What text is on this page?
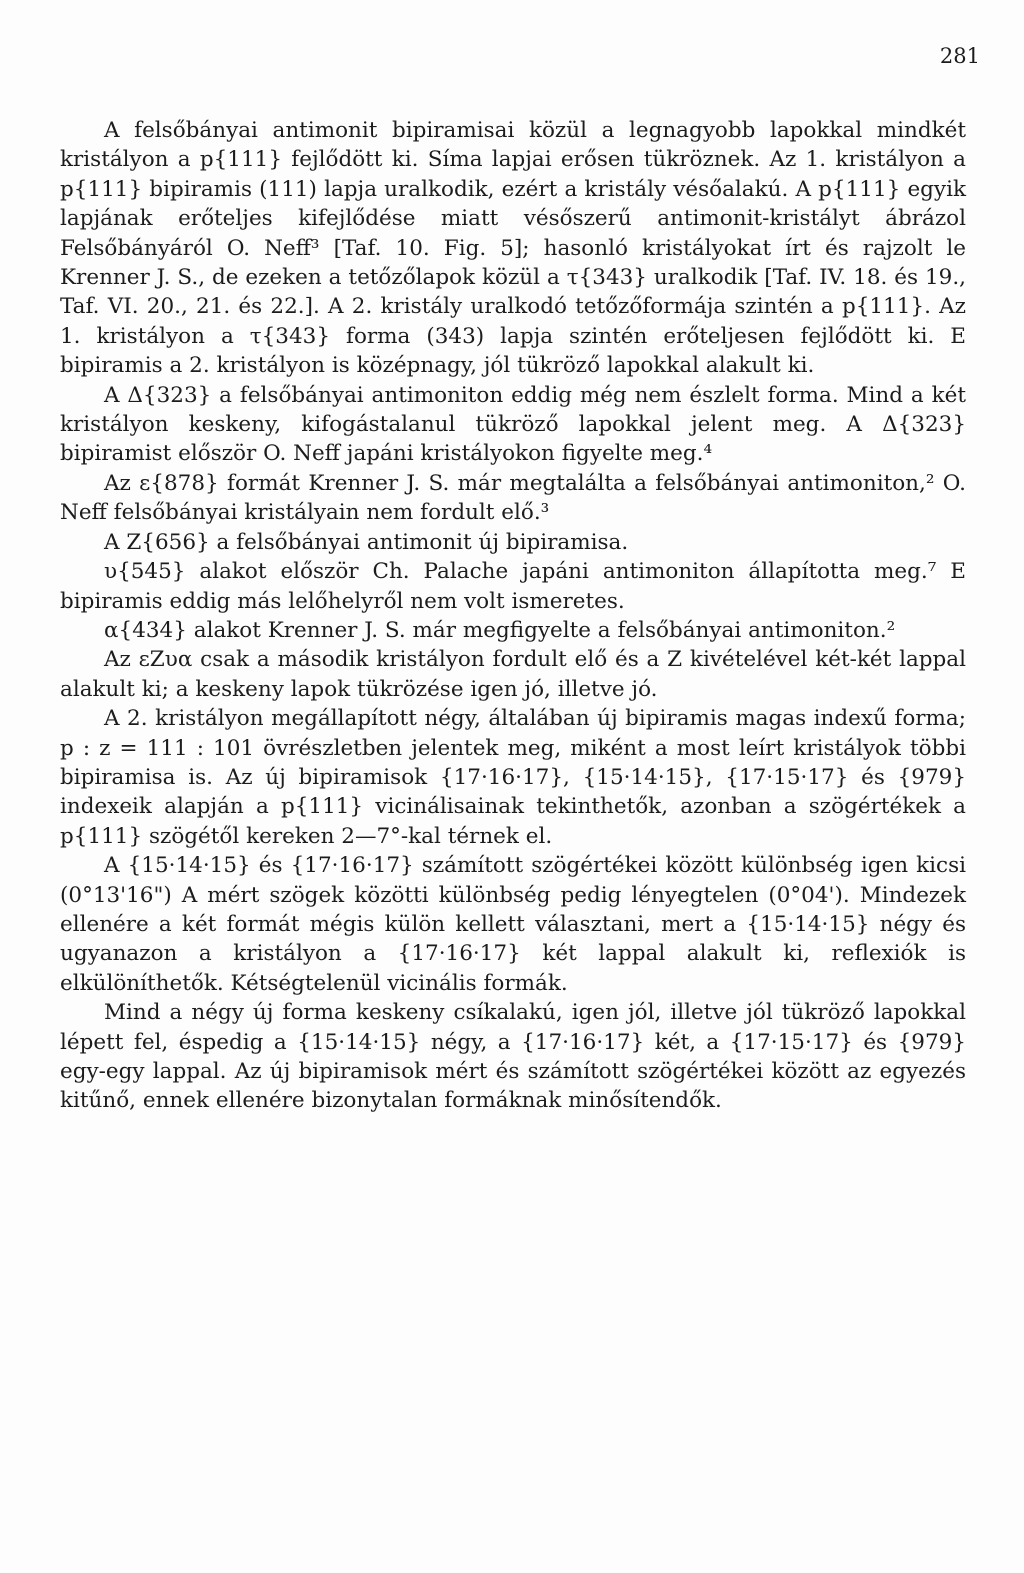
281

A felsőbányai antimonit bipiramisai közül a legnagyobb lapokkal mindkét kristályon a p{111} fejlődött ki. Síma lapjai erősen tükröznek. Az 1. kristályon a p{111} bipiramis (111) lapja uralkodik, ezért a kristály vésőalakú. A p{111} egyik lapjának erőteljes kifejlődése miatt vésőszerű antimonit-kristályt ábrázol Felsőbányáról O. Neff³ [Taf. 10. Fig. 5]; hasonló kristályokat írt és rajzolt le Krenner J. S., de ezeken a tetőzőlapok közül a τ{343} uralkodik [Taf. IV. 18. és 19., Taf. VI. 20., 21. és 22.]. A 2. kristály uralkodó tetőzőformája szintén a p{111}. Az 1. kristályon a τ{343} forma (343) lapja szintén erőteljesen fejlődött ki. E bipiramis a 2. kristályon is középnagy, jól tükröző lapokkal alakult ki.

A Δ{323} a felsőbányai antimoniton eddig még nem észlelt forma. Mind a két kristályon keskeny, kifogástalanul tükröző lapokkal jelent meg. A Δ{323} bipiramist először O. Neff japáni kristályokon figyelte meg.⁴

Az ε{878} formát Krenner J. S. már megtalálta a felsőbányai antimoniton,² O. Neff felsőbányai kristályain nem fordult elő.³

A Z{656} a felsőbányai antimonit új bipiramisa.

υ{545} alakot először Ch. Palache japáni antimoniton állapította meg.⁷ E bipiramis eddig más lelőhelyről nem volt ismeretes.

α{434} alakot Krenner J. S. már megfigyelte a felsőbányai antimoniton.²

Az εZυα csak a második kristályon fordult elő és a Z kivételével két-két lappal alakult ki; a keskeny lapok tükrözése igen jó, illetve jó.

A 2. kristályon megállapított négy, általában új bipiramis magas indexű forma; p : z = 111 : 101 övrészletben jelentek meg, miként a most leírt kristályok többi bipiramisa is. Az új bipiramisok {17·16·17}, {15·14·15}, {17·15·17} és {979} indexeik alapján a p{111} vicinálisainak tekinthetők, azonban a szögértékek a p{111} szögétől kereken 2—7°-kal térnek el.

A {15·14·15} és {17·16·17} számított szögértékei között különbség igen kicsi (0°13'16") A mért szögek közötti különbség pedig lényegtelen (0°04'). Mindezek ellenére a két formát mégis külön kellett választani, mert a {15·14·15} négy és ugyanazon a kristályon a {17·16·17} két lappal alakult ki, reflexiók is elkülöníthetők. Kétségtelenül vicinális formák.

Mind a négy új forma keskeny csíkalakú, igen jól, illetve jól tükröző lapokkal lépett fel, éspedig a {15·14·15} négy, a {17·16·17} két, a {17·15·17} és {979} egy-egy lappal. Az új bipiramisok mért és számított szögértékei között az egyezés kitűnő, ennek ellenére bizonytalan formáknak minősítendők.
